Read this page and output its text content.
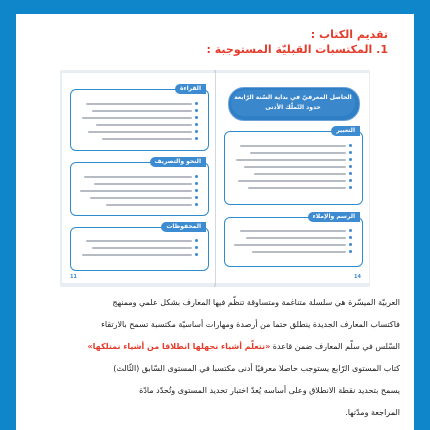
تقديم الكتاب :
1. المكتسبات القبليّة المستوجبة :
القراءة
النحو والتصريف
المحفوظات
11
الحاصل المعرفيّ في بداية السّنة الرّابعة
حدود التّملّك الأدنى
التعبير
الرسم والإملاء
14
العربيّة الميسّرة هي سلسلة متناغمة ومتساوقة تنظّم فيها المعارف بشكل علمي وممنهج
فاكتساب المعارف الجديدة ينطلق حتما من أرصدة ومهارات أساسيّة مكتسبة تسمح بالارتقاء
السّلس في سلّم المعارف ضمن قاعدة «نتعلّم أشياء نجهلها انطلاقا من أشياء نمتلكها»
كتاب المستوى الرّابع يستوجب حاصلا معرفيًا أدنى مكتسبا في المستوى السّابق (الثّالث)
يسمح بتحديد نقطة الانطلاق وعلى أساسه يُعدّ اختبار تحديد المستوى وتُحدّد مادّة
المراجعة ومدّتها.
